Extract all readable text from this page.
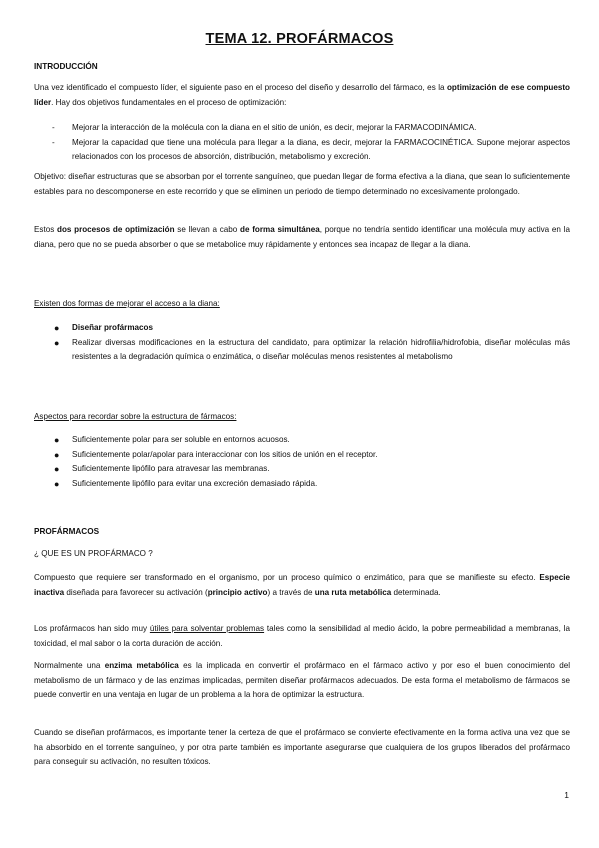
TEMA 12. PROFÁRMACOS
INTRODUCCIÓN
Una vez identificado el compuesto líder, el siguiente paso en el proceso del diseño y desarrollo del fármaco, es la optimización de ese compuesto líder. Hay dos objetivos fundamentales en el proceso de optimización:
- Mejorar la interacción de la molécula con la diana en el sitio de unión, es decir, mejorar la FARMACODINÁMICA.
- Mejorar la capacidad que tiene una molécula para llegar a la diana, es decir, mejorar la FARMACOCINÉTICA. Supone mejorar aspectos relacionados con los procesos de absorción, distribución, metabolismo y excreción.
Objetivo: diseñar estructuras que se absorban por el torrente sanguíneo, que puedan llegar de forma efectiva a la diana, que sean lo suficientemente estables para no descomponerse en este recorrido y que se eliminen un periodo de tiempo determinado no excesivamente prolongado.
Estos dos procesos de optimización se llevan a cabo de forma simultánea, porque no tendría sentido identificar una molécula muy activa en la diana, pero que no se pueda absorber o que se metabolice muy rápidamente y entonces sea incapaz de llegar a la diana.
Existen dos formas de mejorar el acceso a la diana:
● Diseñar profármacos
● Realizar diversas modificaciones en la estructura del candidato, para optimizar la relación hidrofilia/hidrofobia, diseñar moléculas más resistentes a la degradación química o enzimática, o diseñar moléculas menos resistentes al metabolismo
Aspectos para recordar sobre la estructura de fármacos:
● Suficientemente polar para ser soluble en entornos acuosos.
● Suficientemente polar/apolar para interaccionar con los sitios de unión en el receptor.
● Suficientemente lipófilo para atravesar las membranas.
● Suficientemente lipófilo para evitar una excreción demasiado rápida.
PROFÁRMACOS
¿ QUE ES UN PROFÁRMACO ?
Compuesto que requiere ser transformado en el organismo, por un proceso químico o enzimático, para que se manifieste su efecto. Especie inactiva diseñada para favorecer su activación (principio activo) a través de una ruta metabólica determinada.
Los profármacos han sido muy útiles para solventar problemas tales como la sensibilidad al medio ácido, la pobre permeabilidad a membranas, la toxicidad, el mal sabor o la corta duración de acción.
Normalmente una enzima metabólica es la implicada en convertir el profármaco en el fármaco activo y por eso el buen conocimiento del metabolismo de un fármaco y de las enzimas implicadas, permiten diseñar profármacos adecuados. De esta forma el metabolismo de fármacos se puede convertir en una ventaja en lugar de un problema a la hora de optimizar la estructura.
Cuando se diseñan profármacos, es importante tener la certeza de que el profármaco se convierte efectivamente en la forma activa una vez que se ha absorbido en el torrente sanguíneo, y por otra parte también es importante asegurarse que cualquiera de los grupos liberados del profármaco para conseguir su activación, no resulten tóxicos.
1
